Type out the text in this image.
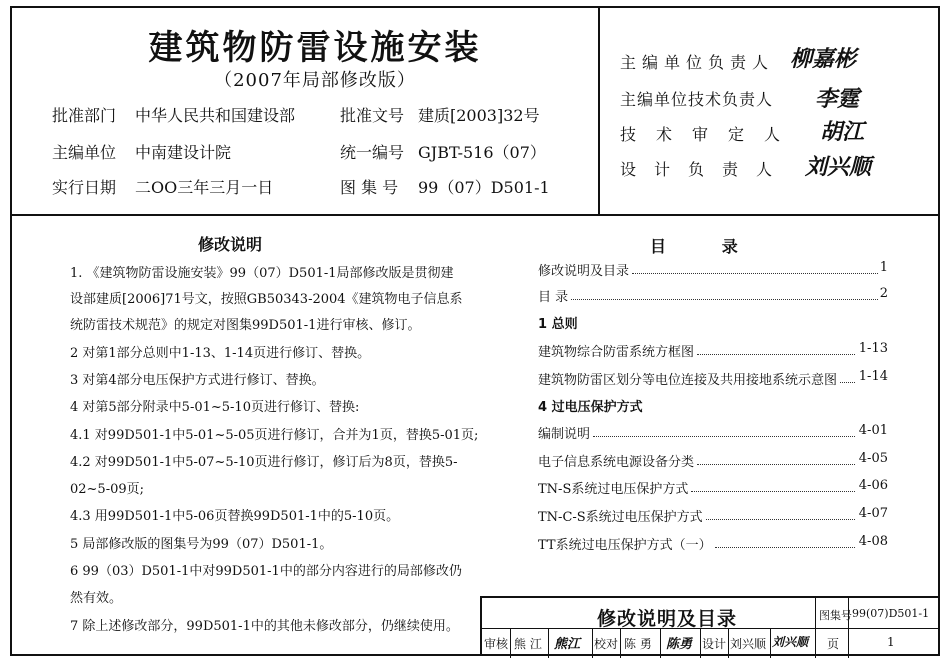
建筑物防雷设施安装
（2007年局部修改版）
批准部门 中华人民共和国建设部	批准文号 建质[2003]32号
主编单位 中南建设计院	统一编号 GJBT-516（07）
实行日期 二OO三年三月一日	图 集 号 99（07）D501-1
主编单位负责人 柳嘉彬
主编单位技术负责人 李霆
技术审定人 胡江
设计负责人 刘兴顺
修改说明
1. 《建筑物防雷设施安装》99（07）D501-1局部修改版是贯彻建
设部建质[2006]71号文，按照GB50343-2004《建筑物电子信息系
统防雷技术规范》的规定对图集99D501-1进行审核、修订。
2 对第1部分总则中1-13、1-14页进行修订、替换。
3 对第4部分电压保护方式进行修订、替换。
4 对第5部分附录中5-01~5-10页进行修订、替换:
4.1 对99D501-1中5-01~5-05页进行修订，合并为1页，替换5-01页;
4.2 对99D501-1中5-07~5-10页进行修订，修订后为8页，替换5-
02~5-09页;
4.3 用99D501-1中5-06页替换99D501-1中的5-10页。
5 局部修改版的图集号为99（07）D501-1。
6 99（03）D501-1中对99D501-1中的部分内容进行的局部修改仍
然有效。
7 除上述修改部分，99D501-1中的其他未修改部分，仍继续使用。
目          录
修改说明及目录	1
目 录	2
1 总则
建筑物综合防雷系统方框图	1-13
建筑物防雷区划分等电位连接及共用接地系统示意图	1-14
4 过电压保护方式
编制说明	4-01
电子信息系统电源设备分类	4-05
TN-S系统过电压保护方式	4-06
TN-C-S系统过电压保护方式	4-07
TT系统过电压保护方式（一）	4-08
修改说明及目录	图集号 99(07)D501-1
审核 熊 江 熊江 校对 陈 勇 陈勇 设计 刘兴顺 刘兴顺 页	1
